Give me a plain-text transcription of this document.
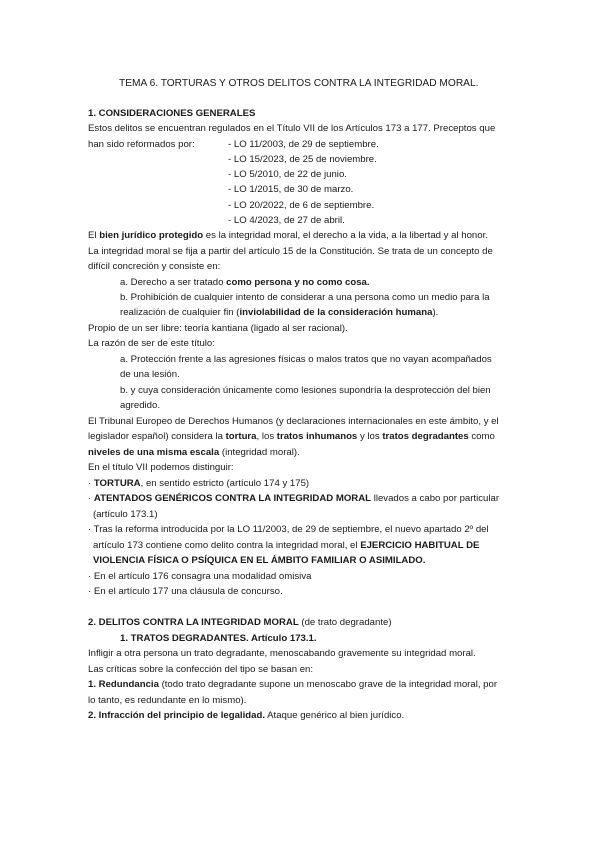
TEMA 6. TORTURAS Y OTROS DELITOS CONTRA LA INTEGRIDAD MORAL.
1. CONSIDERACIONES GENERALES
Estos delitos se encuentran regulados en el Título VII de los Artículos 173 a 177. Preceptos que
han sido reformados por:	- LO 11/2003, de 29 de septiembre.
- LO 15/2023, de 25 de noviembre.
- LO 5/2010, de 22 de junio.
- LO 1/2015, de 30 de marzo.
- LO 20/2022, de 6 de septiembre.
- LO 4/2023, de 27 de abril.
El bien jurídico protegido es la integridad moral, el derecho a la vida, a la libertad y al honor.
La integridad moral se fija a partir del artículo 15 de la Constitución. Se trata de un concepto de
difícil concreción y consiste en:
a. Derecho a ser tratado como persona y no como cosa.
b. Prohibición de cualquier intento de considerar a una persona como un medio para la
realización de cualquier fin (inviolabilidad de la consideración humana).
Propio de un ser libre: teoría kantiana (ligado al ser racional).
La razón de ser de este título:
a. Protección frente a las agresiones físicas o malos tratos que no vayan acompañados
de una lesión.
b. y cuya consideración únicamente como lesiones supondría la desprotección del bien
agredido.
El Tribunal Europeo de Derechos Humanos (y declaraciones internacionales en este ámbito, y el
legislador español) considera la tortura, los tratos inhumanos y los tratos degradantes como
niveles de una misma escala (integridad moral).
En el título VII podemos distinguir:
· TORTURA, en sentido estricto (artículo 174 y 175)
· ATENTADOS GENÉRICOS CONTRA LA INTEGRIDAD MORAL llevados a cabo por particular
(artículo 173.1)
· Tras la reforma introducida por la LO 11/2003, de 29 de septiembre, el nuevo apartado 2º del
artículo 173 contiene como delito contra la integridad moral, el EJERCICIO HABITUAL DE
VIOLENCIA FÍSICA O PSÍQUICA EN EL ÁMBITO FAMILIAR O ASIMILADO.
· En el artículo 176 consagra una modalidad omisiva
· En el artículo 177 una cláusula de concurso.
2. DELITOS CONTRA LA INTEGRIDAD MORAL (de trato degradante)
1. TRATOS DEGRADANTES. Artículo 173.1.
Infligir a otra persona un trato degradante, menoscabando gravemente su integridad moral.
Las críticas sobre la confección del tipo se basan en:
1. Redundancia (todo trato degradante supone un menoscabo grave de la integridad moral, por
lo tanto, es redundante en lo mismo).
2. Infracción del principio de legalidad. Ataque genérico al bien jurídico.
